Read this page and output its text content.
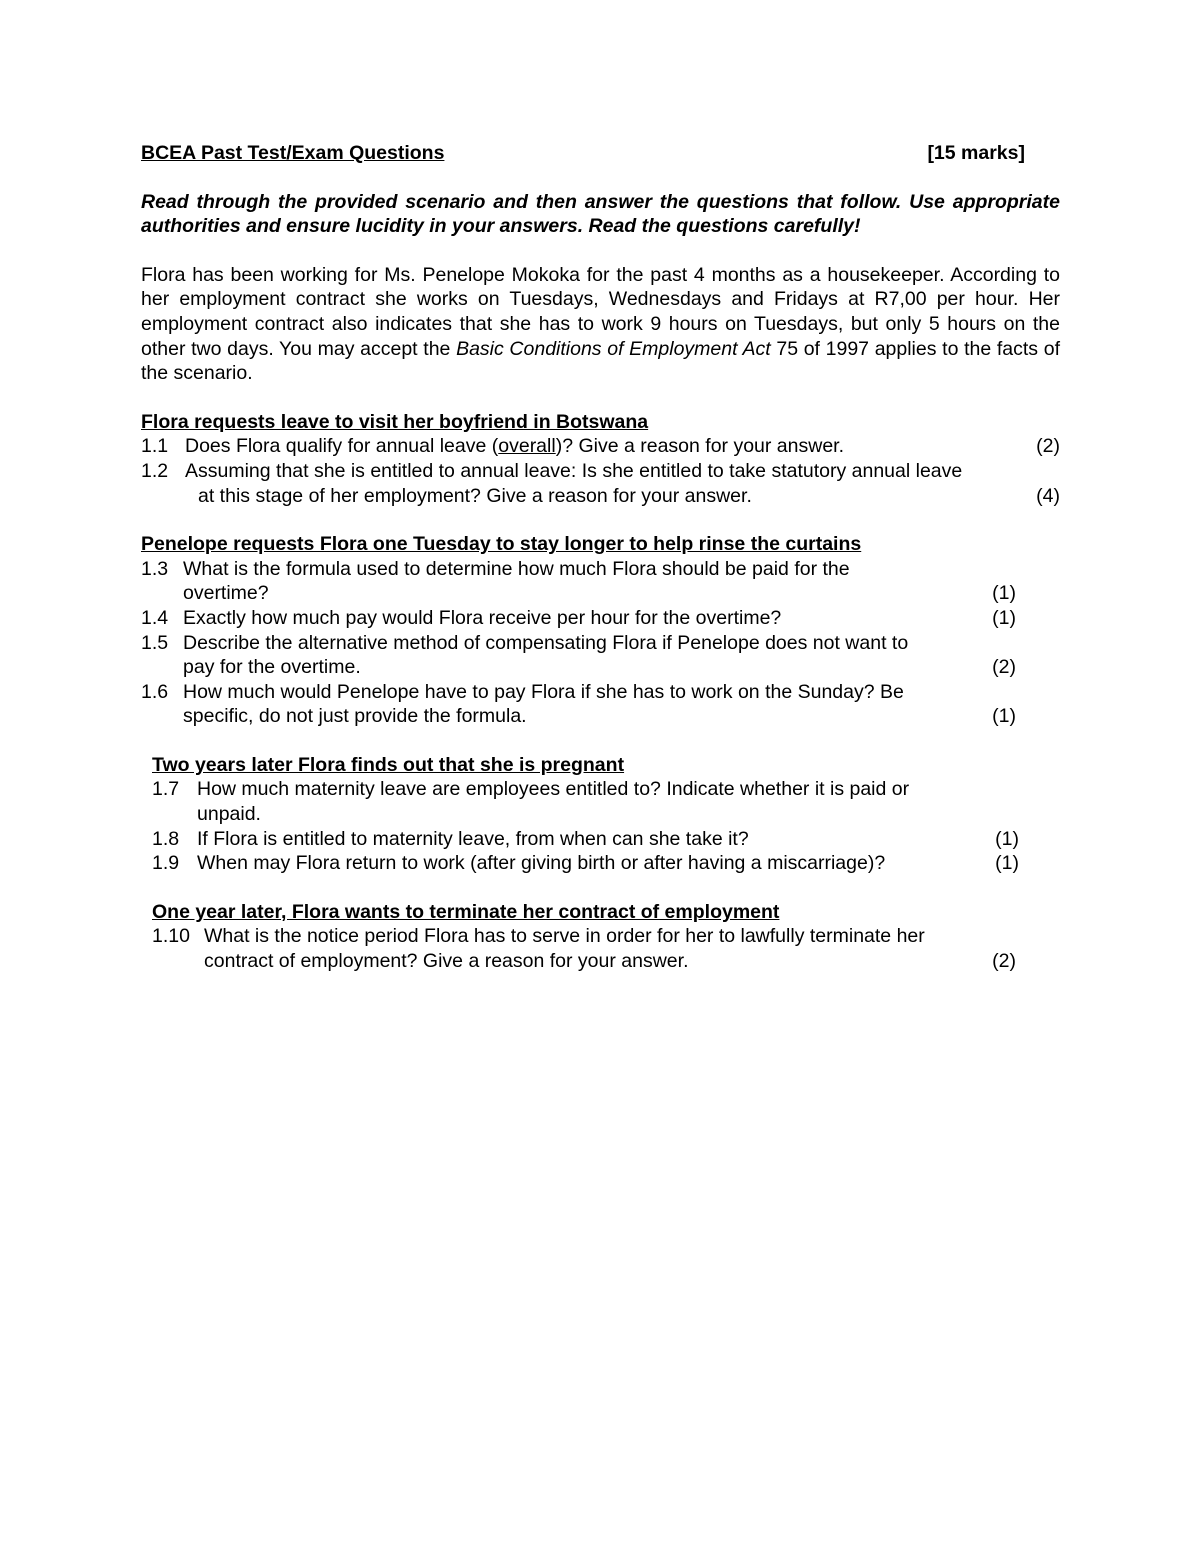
BCEA Past Test/Exam Questions	[15 marks]
Read through the provided scenario and then answer the questions that follow. Use appropriate authorities and ensure lucidity in your answers. Read the questions carefully!
Flora has been working for Ms. Penelope Mokoka for the past 4 months as a housekeeper. According to her employment contract she works on Tuesdays, Wednesdays and Fridays at R7,00 per hour. Her employment contract also indicates that she has to work 9 hours on Tuesdays, but only 5 hours on the other two days. You may accept the Basic Conditions of Employment Act 75 of 1997 applies to the facts of the scenario.
Flora requests leave to visit her boyfriend in Botswana
1.1 Does Flora qualify for annual leave (overall)? Give a reason for your answer.	(2)
1.2 Assuming that she is entitled to annual leave: Is she entitled to take statutory annual leave
at this stage of her employment? Give a reason for your answer.	(4)
Penelope requests Flora one Tuesday to stay longer to help rinse the curtains
1.3 What is the formula used to determine how much Flora should be paid for the
overtime?	(1)
1.4 Exactly how much pay would Flora receive per hour for the overtime?	(1)
1.5 Describe the alternative method of compensating Flora if Penelope does not want to
pay for the overtime.	(2)
1.6 How much would Penelope have to pay Flora if she has to work on the Sunday? Be
specific, do not just provide the formula.	(1)
Two years later Flora finds out that she is pregnant
1.7 How much maternity leave are employees entitled to? Indicate whether it is paid or
unpaid.
1.8 If Flora is entitled to maternity leave, from when can she take it?	(1)
1.9 When may Flora return to work (after giving birth or after having a miscarriage)?	(1)
One year later, Flora wants to terminate her contract of employment
1.10 What is the notice period Flora has to serve in order for her to lawfully terminate her
contract of employment? Give a reason for your answer.	(2)
